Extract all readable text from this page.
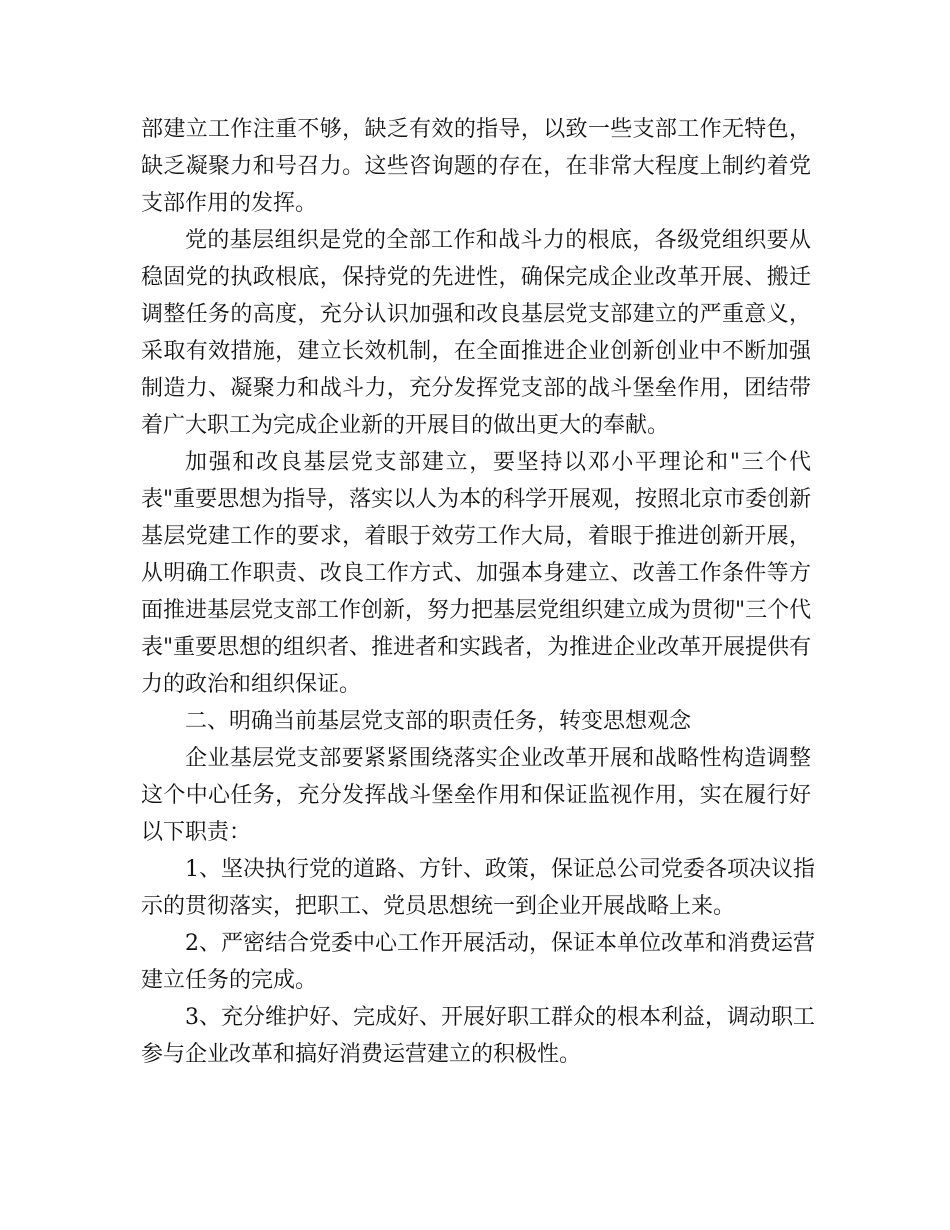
部建立工作注重不够，缺乏有效的指导，以致一些支部工作无特色，
缺乏凝聚力和号召力。这些咨询题的存在，在非常大程度上制约着党
支部作用的发挥。

党的基层组织是党的全部工作和战斗力的根底，各级党组织要从
稳固党的执政根底，保持党的先进性，确保完成企业改革开展、搬迁
调整任务的高度，充分认识加强和改良基层党支部建立的严重意义，
采取有效措施，建立长效机制，在全面推进企业创新创业中不断加强
制造力、凝聚力和战斗力，充分发挥党支部的战斗堡垒作用，团结带
着广大职工为完成企业新的开展目的做出更大的奉献。

加强和改良基层党支部建立，要坚持以邓小平理论和"三个代
表"重要思想为指导，落实以人为本的科学开展观，按照北京市委创新
基层党建工作的要求，着眼于效劳工作大局，着眼于推进创新开展，
从明确工作职责、改良工作方式、加强本身建立、改善工作条件等方
面推进基层党支部工作创新，努力把基层党组织建立成为贯彻"三个代
表"重要思想的组织者、推进者和实践者，为推进企业改革开展提供有
力的政治和组织保证。

二、明确当前基层党支部的职责任务，转变思想观念

企业基层党支部要紧紧围绕落实企业改革开展和战略性构造调整
这个中心任务，充分发挥战斗堡垒作用和保证监视作用，实在履行好
以下职责：

1、坚决执行党的道路、方针、政策，保证总公司党委各项决议指
示的贯彻落实，把职工、党员思想统一到企业开展战略上来。

2、严密结合党委中心工作开展活动，保证本单位改革和消费运营
建立任务的完成。

3、充分维护好、完成好、开展好职工群众的根本利益，调动职工
参与企业改革和搞好消费运营建立的积极性。
